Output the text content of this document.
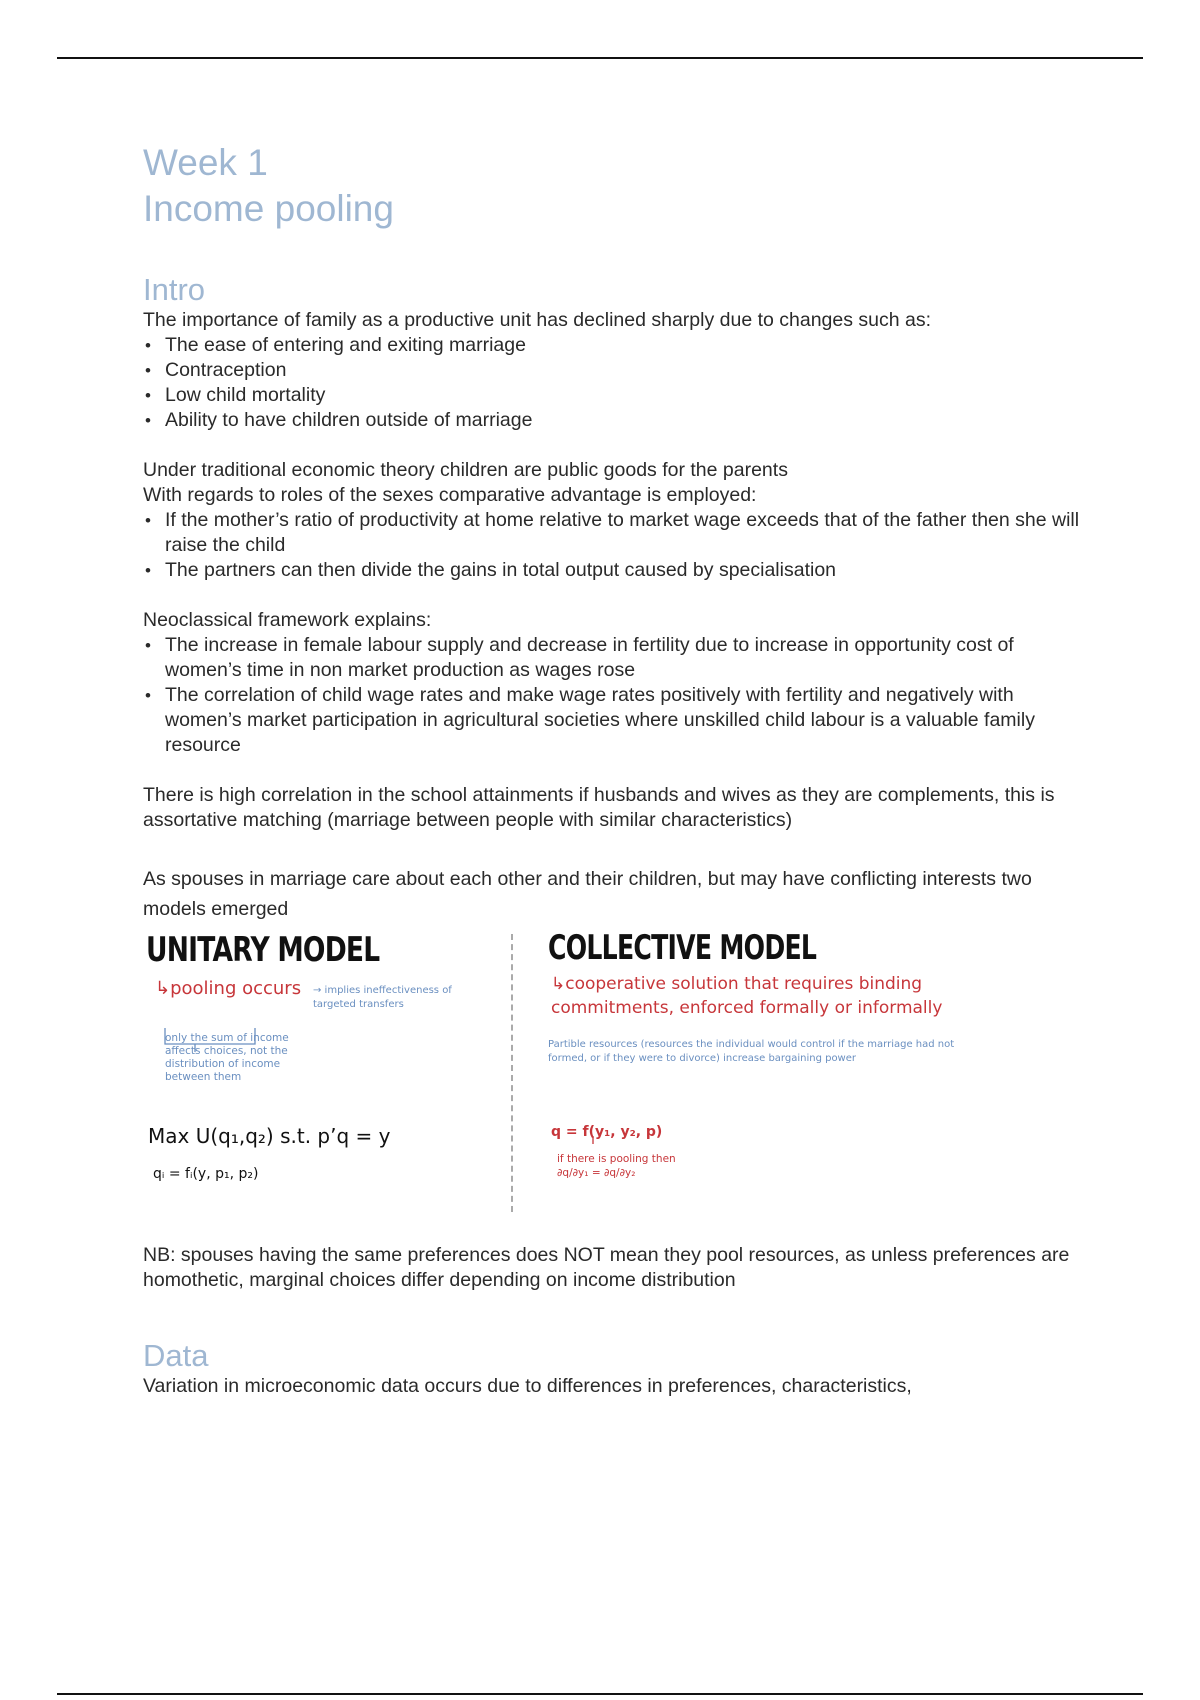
Week 1
Income pooling
Intro

The importance of family as a productive unit has declined sharply due to changes such as:

• The ease of entering and exiting marriage
• Contraception
• Low child mortality
• Ability to have children outside of marriage

Under traditional economic theory children are public goods for the parents

With regards to roles of the sexes comparative advantage is employed:

• If the mother’s ratio of productivity at home relative to market wage exceeds that of the father then she will raise the child
• The partners can then divide the gains in total output caused by specialisation

Neoclassical framework explains:

• The increase in female labour supply and decrease in fertility due to increase in opportunity cost of women’s time in non market production as wages rose
• The correlation of child wage rates and make wage rates positively with fertility and negatively with women’s market participation in agricultural societies where unskilled child labour is a valuable family resource

There is high correlation in the school attainments if husbands and wives as they are complements, this is assortative matching (marriage between people with similar characteristics)

As spouses in marriage care about each other and their children, but may have conflicting interests two models emerged

UNITARY MODEL
↳pooling occurs → implies ineffectiveness of targeted transfers
only the sum of income affects choices, not the distribution of income between them
Max U(q₁,q₂) s.t. p’q = y
qᵢ = fᵢ(y, p₁, p₂)
COLLECTIVE MODEL
↳cooperative solution that requires binding commitments, enforced formally or informally
Partible resources (resources the individual would control if the marriage had not formed, or if they were to divorce) increase bargaining power
q = f(y₁, y₂, p)
if there is pooling then ∂q/∂y₁ = ∂q/∂y₂

NB: spouses having the same preferences does NOT mean they pool resources, as unless preferences are homothetic, marginal choices differ depending on income distribution

Data

Variation in microeconomic data occurs due to differences in preferences, characteristics,
